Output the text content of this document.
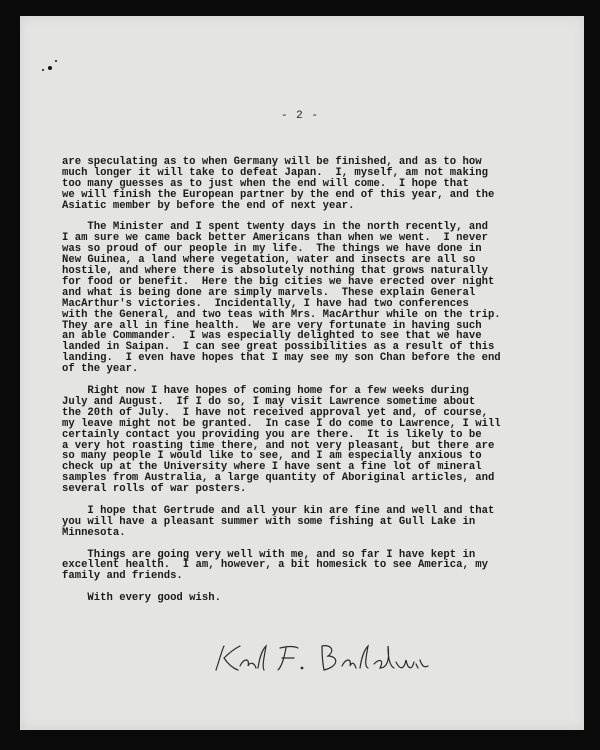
- 2 -
are speculating as to when Germany will be finished, and as to how
much longer it will take to defeat Japan.  I, myself, am not making
too many guesses as to just when the end will come.  I hope that
we will finish the European partner by the end of this year, and the
Asiatic member by before the end of next year.
The Minister and I spent twenty days in the north recently, and
I am sure we came back better Americans than when we went.  I never
was so proud of our people in my life.  The things we have done in
New Guinea, a land where vegetation, water and insects are all so
hostile, and where there is absolutely nothing that grows naturally
for food or benefit.  Here the big cities we have erected over night
and what is being done are simply marvels.  These explain General
MacArthur's victories.  Incidentally, I have had two conferences
with the General, and two teas with Mrs. MacArthur while on the trip.
They are all in fine health.  We are very fortunate in having such
an able Commander.  I was especially delighted to see that we have
landed in Saipan.  I can see great possibilities as a result of this
landing.  I even have hopes that I may see my son Chan before the end
of the year.
Right now I have hopes of coming home for a few weeks during
July and August.  If I do so, I may visit Lawrence sometime about
the 20th of July.  I have not received approval yet and, of course,
my leave might not be granted.  In case I do come to Lawrence, I will
certainly contact you providing you are there.  It is likely to be
a very hot roasting time there, and not very pleasant, but there are
so many people I would like to see, and I am especially anxious to
check up at the University where I have sent a fine lot of mineral
samples from Australia, a large quantity of Aboriginal articles, and
several rolls of war posters.
I hope that Gertrude and all your kin are fine and well and that
you will have a pleasant summer with some fishing at Gull Lake in
Minnesota.
Things are going very well with me, and so far I have kept in
excellent health.  I am, however, a bit homesick to see America, my
family and friends.
With every good wish.
